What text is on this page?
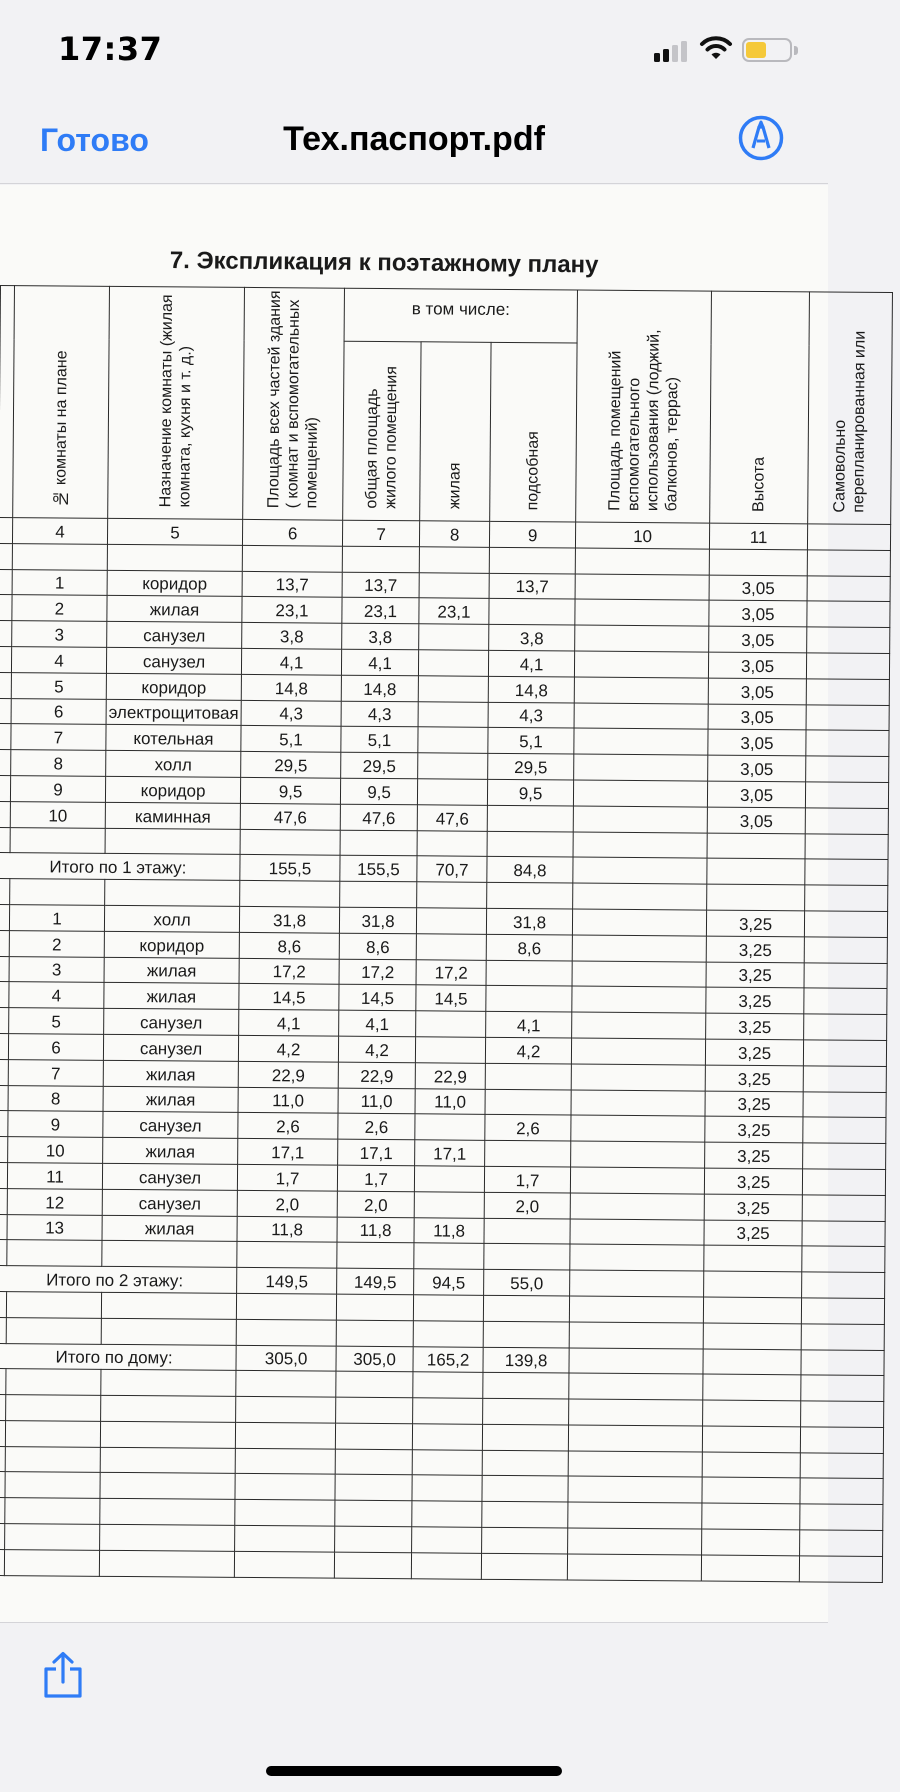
17:37
Тех.паспорт.pdf
Готово
7. Экспликация к поэтажному плану
	№ комнаты на плане	Назначение комнаты (жилая комната, кухня и т. д.)	Площадь всех частей здания ( комнат и вспомогательных помещений)	в том числе:			Площадь помещений вспомогательного использования (лоджий, балконов, террас)	Высота	Самовольно перепланированная или
				общая площадь жилого помещения	жилая	подсобная			
	4	5	6	7	8	9	10	11	

	1	коридор	13,7	13,7		13,7		3,05	
	2	жилая	23,1	23,1	23,1			3,05	
	3	санузел	3,8	3,8		3,8		3,05	
	4	санузел	4,1	4,1		4,1		3,05	
	5	коридор	14,8	14,8		14,8		3,05	
	6	электрощитовая	4,3	4,3		4,3		3,05	
	7	котельная	5,1	5,1		5,1		3,05	
	8	холл	29,5	29,5		29,5		3,05	
	9	коридор	9,5	9,5		9,5		3,05	
	10	каминная	47,6	47,6	47,6			3,05	

Итого по 1 этажу:			155,5	155,5	70,7	84,8			

	1	холл	31,8	31,8		31,8		3,25	
	2	коридор	8,6	8,6		8,6		3,25	
	3	жилая	17,2	17,2	17,2			3,25	
	4	жилая	14,5	14,5	14,5			3,25	
	5	санузел	4,1	4,1		4,1		3,25	
	6	санузел	4,2	4,2		4,2		3,25	
	7	жилая	22,9	22,9	22,9			3,25	
	8	жилая	11,0	11,0	11,0			3,25	
	9	санузел	2,6	2,6		2,6		3,25	
	10	жилая	17,1	17,1	17,1			3,25	
	11	санузел	1,7	1,7		1,7		3,25	
	12	санузел	2,0	2,0		2,0		3,25	
	13	жилая	11,8	11,8	11,8			3,25	

Итого по 2 этажу:			149,5	149,5	94,5	55,0			

Итого по дому:			305,0	305,0	165,2	139,8			
